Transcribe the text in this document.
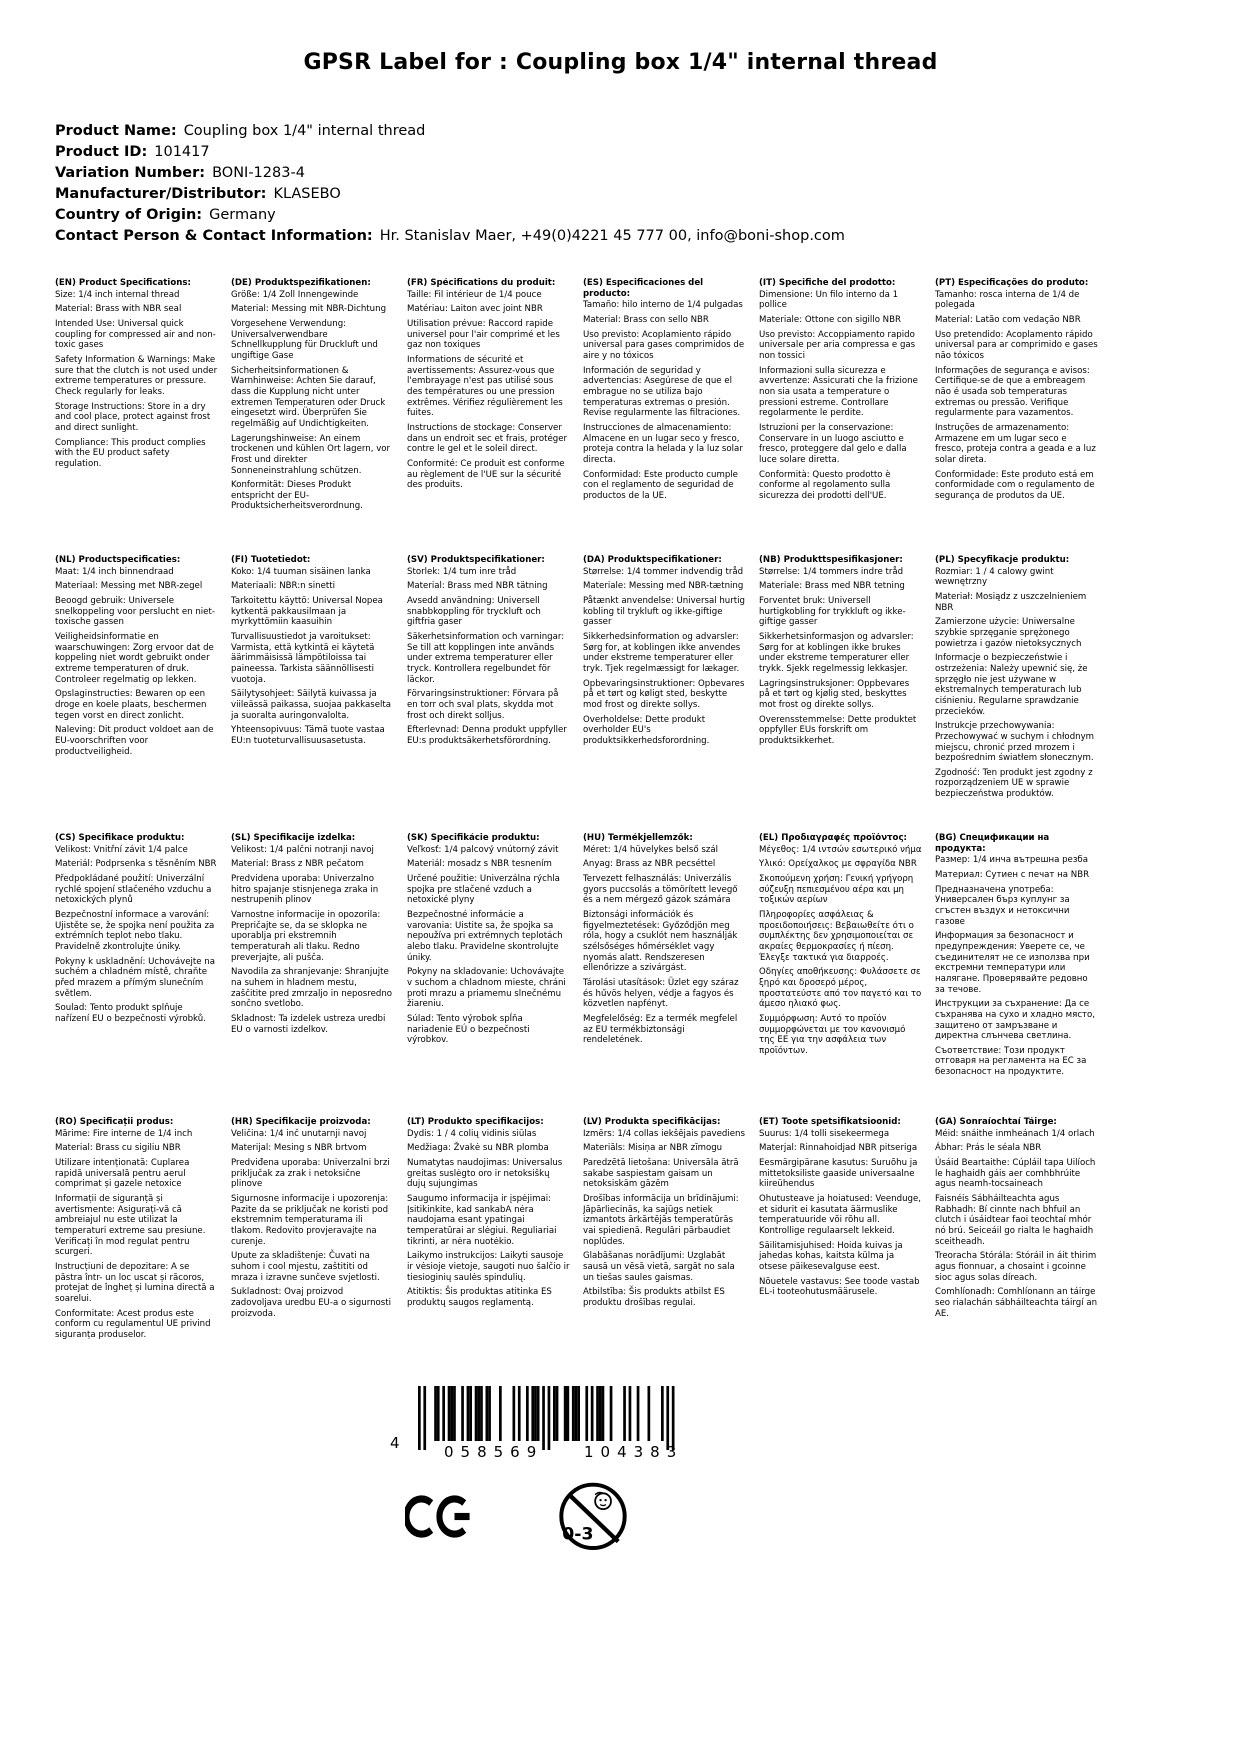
GPSR Label for : Coupling box 1/4" internal thread
Product Name: Coupling box 1/4" internal thread
Product ID: 101417
Variation Number: BONI-1283-4
Manufacturer/Distributor: KLASEBO
Country of Origin: Germany
Contact Person & Contact Information: Hr. Stanislav Maer, +49(0)4221 45 777 00, info@boni-shop.com
(EN) Product Specifications:

Size: 1/4 inch internal thread

Material: Brass with NBR seal

Intended Use: Universal quick coupling for compressed air and non-toxic gases

Safety Information & Warnings: Make sure that the clutch is not used under extreme temperatures or pressure. Check regularly for leaks.

Storage Instructions: Store in a dry and cool place, protect against frost and direct sunlight.

Compliance: This product complies with the EU product safety regulation.

(DE) Produktspezifikationen:

Größe: 1/4 Zoll Innengewinde

Material: Messing mit NBR-Dichtung

Vorgesehene Verwendung: Universalverwendbare Schnellkupplung für Druckluft und ungiftige Gase

Sicherheitsinformationen & Warnhinweise: Achten Sie darauf, dass die Kupplung nicht unter extremen Temperaturen oder Druck eingesetzt wird. Überprüfen Sie regelmäßig auf Undichtigkeiten.

Lagerungshinweise: An einem trockenen und kühlen Ort lagern, vor Frost und direkter Sonneneinstrahlung schützen.

Konformität: Dieses Produkt entspricht der EU-Produktsicherheitsverordnung.

(FR) Spécifications du produit:

Taille: Fil intérieur de 1/4 pouce

Matériau: Laiton avec joint NBR

Utilisation prévue: Raccord rapide universel pour l'air comprimé et les gaz non toxiques

Informations de sécurité et avertissements: Assurez-vous que l'embrayage n'est pas utilisé sous des températures ou une pression extrêmes. Vérifiez régulièrement les fuites.

Instructions de stockage: Conserver dans un endroit sec et frais, protéger contre le gel et le soleil direct.

Conformité: Ce produit est conforme au règlement de l'UE sur la sécurité des produits.

(ES) Especificaciones del producto:

Tamaño: hilo interno de 1/4 pulgadas

Material: Brass con sello NBR

Uso previsto: Acoplamiento rápido universal para gases comprimidos de aire y no tóxicos

Información de seguridad y advertencias: Asegúrese de que el embrague no se utiliza bajo temperaturas extremas o presión. Revise regularmente las filtraciones.

Instrucciones de almacenamiento: Almacene en un lugar seco y fresco, proteja contra la helada y la luz solar directa.

Conformidad: Este producto cumple con el reglamento de seguridad de productos de la UE.

(IT) Specifiche del prodotto:

Dimensione: Un filo interno da 1 pollice

Materiale: Ottone con sigillo NBR

Uso previsto: Accoppiamento rapido universale per aria compressa e gas non tossici

Informazioni sulla sicurezza e avvertenze: Assicurati che la frizione non sia usata a temperature o pressioni estreme. Controllare regolarmente le perdite.

Istruzioni per la conservazione: Conservare in un luogo asciutto e fresco, proteggere dal gelo e dalla luce solare diretta.

Conformità: Questo prodotto è conforme al regolamento sulla sicurezza dei prodotti dell'UE.

(PT) Especificações do produto:

Tamanho: rosca interna de 1/4 de polegada

Material: Latão com vedação NBR

Uso pretendido: Acoplamento rápido universal para ar comprimido e gases não tóxicos

Informações de segurança e avisos: Certifique-se de que a embreagem não é usada sob temperaturas extremas ou pressão. Verifique regularmente para vazamentos.

Instruções de armazenamento: Armazene em um lugar seco e fresco, proteja contra a geada e a luz solar direta.

Conformidade: Este produto está em conformidade com o regulamento de segurança de produtos da UE.

(NL) Productspecificaties:

Maat: 1/4 inch binnendraad

Materiaal: Messing met NBR-zegel

Beoogd gebruik: Universele snelkoppeling voor perslucht en niet-toxische gassen

Veiligheidsinformatie en waarschuwingen: Zorg ervoor dat de koppeling niet wordt gebruikt onder extreme temperaturen of druk. Controleer regelmatig op lekken.

Opslaginstructies: Bewaren op een droge en koele plaats, beschermen tegen vorst en direct zonlicht.

Naleving: Dit product voldoet aan de EU-voorschriften voor productveiligheid.

(FI) Tuotetiedot:

Koko: 1/4 tuuman sisäinen lanka

Materiaali: NBR:n sinetti

Tarkoitettu käyttö: Universal Nopea kytkentä pakkausilmaan ja myrkyttömiin kaasuihin

Turvallisuustiedot ja varoitukset: Varmista, että kytkintä ei käytetä äärimmäisissä lämpötiloissa tai paineessa. Tarkista säännöllisesti vuotoja.

Säilytysohjeet: Säilytä kuivassa ja viileässä paikassa, suojaa pakkaselta ja suoralta auringonvalolta.

Yhteensopivuus: Tämä tuote vastaa EU:n tuoteturvallisuusasetusta.

(SV) Produktspecifikationer:

Storlek: 1/4 tum inre tråd

Material: Brass med NBR tätning

Avsedd användning: Universell snabbkoppling för tryckluft och giftfria gaser

Säkerhetsinformation och varningar: Se till att kopplingen inte används under extrema temperaturer eller tryck. Kontrollera regelbundet för läckor.

Förvaringsinstruktioner: Förvara på en torr och sval plats, skydda mot frost och direkt solljus.

Efterlevnad: Denna produkt uppfyller EU:s produktsäkerhetsförordning.

(DA) Produktspecifikationer:

Størrelse: 1/4 tommer indvendig tråd

Materiale: Messing med NBR-tætning

Påtænkt anvendelse: Universal hurtig kobling til trykluft og ikke-giftige gasser

Sikkerhedsinformation og advarsler: Sørg for, at koblingen ikke anvendes under ekstreme temperaturer eller tryk. Tjek regelmæssigt for lækager.

Opbevaringsinstruktioner: Opbevares på et tørt og køligt sted, beskytte mod frost og direkte sollys.

Overholdelse: Dette produkt overholder EU's produktsikkerhedsforordning.

(NB) Produkttspesifikasjoner:

Størrelse: 1/4 tommers indre tråd

Materiale: Brass med NBR tetning

Forventet bruk: Universell hurtigkobling for trykkluft og ikke-giftige gasser

Sikkerhetsinformasjon og advarsler: Sørg for at koblingen ikke brukes under ekstreme temperaturer eller trykk. Sjekk regelmessig lekkasjer.

Lagringsinstruksjoner: Oppbevares på et tørt og kjølig sted, beskyttes mot frost og direkte sollys.

Overensstemmelse: Dette produktet oppfyller EUs forskrift om produktsikkerhet.

(PL) Specyfikacje produktu:

Rozmiar: 1 / 4 calowy gwint wewnętrzny

Materiał: Mosiądz z uszczelnieniem NBR

Zamierzone użycie: Uniwersalne szybkie sprzęganie sprężonego powietrza i gazów nietoksycznych

Informacje o bezpieczeństwie i ostrzeżenia: Należy upewnić się, że sprzęgło nie jest używane w ekstremalnych temperaturach lub ciśnieniu. Regularne sprawdzanie przecieków.

Instrukcje przechowywania: Przechowywać w suchym i chłodnym miejscu, chronić przed mrozem i bezpośrednim światłem słonecznym.

Zgodność: Ten produkt jest zgodny z rozporządzeniem UE w sprawie bezpieczeństwa produktów.

(CS) Specifikace produktu:

Velikost: Vnitřní závit 1/4 palce

Materiál: Podprsenka s těsněním NBR

Předpokládané použití: Univerzální rychlé spojení stlačeného vzduchu a netoxických plynů

Bezpečnostní informace a varování: Ujistěte se, že spojka není použita za extrémních teplot nebo tlaku. Pravidelně zkontrolujte úniky.

Pokyny k uskladnění: Uchovávejte na suchém a chladném místě, chraňte před mrazem a přímým slunečním světlem.

Soulad: Tento produkt splňuje nařízení EU o bezpečnosti výrobků.

(SL) Specifikacije izdelka:

Velikost: 1/4 palčni notranji navoj

Material: Brass z NBR pečatom

Predvidena uporaba: Univerzalno hitro spajanje stisnjenega zraka in nestrupenih plinov

Varnostne informacije in opozorila: Prepričajte se, da se sklopka ne uporablja pri ekstremnih temperaturah ali tlaku. Redno preverjajte, ali pušča.

Navodila za shranjevanje: Shranjujte na suhem in hladnem mestu, zaščitite pred zmrzaljo in neposredno sončno svetlobo.

Skladnost: Ta izdelek ustreza uredbi EU o varnosti izdelkov.

(SK) Špecifikácie produktu:

Veľkosť: 1/4 palcový vnútorný závit

Materiál: mosadz s NBR tesnením

Určené použitie: Univerzálna rýchla spojka pre stlačené vzduch a netoxické plyny

Bezpečnostné informácie a varovania: Uistite sa, že spojka sa nepoužíva pri extrémnych teplotách alebo tlaku. Pravidelne skontrolujte úniky.

Pokyny na skladovanie: Uchovávajte v suchom a chladnom mieste, chráni proti mrazu a priamemu slnečnému žiareniu.

Súlad: Tento výrobok spĺňa nariadenie EÚ o bezpečnosti výrobkov.

(HU) Termékjellemzők:

Méret: 1/4 hüvelykes belső szál

Anyag: Brass az NBR pecséttel

Tervezett felhasználás: Univerzális gyors puccsolás a tömörített levegő és a nem mérgező gázok számára

Biztonsági információk és figyelmeztetések: Győződjön meg róla, hogy a csuklót nem használják szélsőséges hőmérséklet vagy nyomás alatt. Rendszeresen ellenőrizze a szivárgást.

Tárolási utasítások: Üzlet egy száraz és hűvös helyen, védje a fagyos és közvetlen napfényt.

Megfelelőség: Ez a termék megfelel az EU termékbiztonsági rendeletének.

(EL) Προδιαγραφές προϊόντος:

Μέγεθος: 1/4 ιντσών εσωτερικό νήμα

Υλικό: Ορείχαλκος με σφραγίδα NBR

Σκοπούμενη χρήση: Γενική γρήγορη σύζευξη πεπιεσμένου αέρα και μη τοξικών αερίων

Πληροφορίες ασφάλειας & προειδοποιήσεις: Βεβαιωθείτε ότι ο συμπλέκτης δεν χρησιμοποιείται σε ακραίες θερμοκρασίες ή πίεση. Έλεγξε τακτικά για διαρροές.

Οδηγίες αποθήκευσης: Φυλάσσετε σε ξηρό και δροσερό μέρος, προστατεύστε από τον παγετό και το άμεσο ηλιακό φως.

Συμμόρφωση: Αυτό το προϊόν συμμορφώνεται με τον κανονισμό της ΕΕ για την ασφάλεια των προϊόντων.

(BG) Спецификации на продукта:

Размер: 1/4 инча вътрешна резба

Материал: Сутиен с печат на NBR

Предназначена употреба: Универсален бърз куплунг за сгъстен въздух и нетоксични газове

Информация за безопасност и предупреждения: Уверете се, че съединителят не се използва при екстремни температури или налягане. Проверявайте редовно за течове.

Инструкции за съхранение: Да се съхранява на сухо и хладно място, защитено от замръзване и директна слънчева светлина.

Съответствие: Този продукт отговаря на регламента на ЕС за безопасност на продуктите.

(RO) Specificații produs:

Mărime: Fire interne de 1/4 inch

Material: Brass cu sigiliu NBR

Utilizare intenționată: Cuplarea rapidă universală pentru aerul comprimat și gazele netoxice

Informații de siguranță și avertismente: Asigurați-vă că ambreiajul nu este utilizat la temperaturi extreme sau presiune. Verificați în mod regulat pentru scurgeri.

Instrucțiuni de depozitare: A se păstra într- un loc uscat și răcoros, protejat de îngheț și lumina directă a soarelui.

Conformitate: Acest produs este conform cu regulamentul UE privind siguranța produselor.

(HR) Specifikacije proizvoda:

Veličina: 1/4 inč unutarnji navoj

Materijal: Mesing s NBR brtvom

Predviđena uporaba: Univerzalni brzi priključak za zrak i netoksične plinove

Sigurnosne informacije i upozorenja: Pazite da se priključak ne koristi pod ekstremnim temperaturama ili tlakom. Redovito provjeravajte na curenje.

Upute za skladištenje: Čuvati na suhom i cool mjestu, zaštititi od mraza i izravne sunčeve svjetlosti.

Sukladnost: Ovaj proizvod zadovoljava uredbu EU-a o sigurnosti proizvoda.

(LT) Produkto specifikacijos:

Dydis: 1 / 4 colių vidinis siūlas

Medžiaga: Žvakė su NBR plomba

Numatytas naudojimas: Universalus greitas suslėgto oro ir netoksiškų dujų sujungimas

Saugumo informacija ir įspėjimai: Įsitikinkite, kad sankabA nėra naudojama esant ypatingai temperatūrai ar slėgiui. Reguliariai tikrinti, ar nėra nuotėkio.

Laikymo instrukcijos: Laikyti sausoje ir vėsioje vietoje, saugoti nuo šalčio ir tiesioginių saulės spindulių.

Atitiktis: Šis produktas atitinka ES produktų saugos reglamentą.

(LV) Produkta specifikācijas:

Izmērs: 1/4 collas iekšējais pavediens

Materiāls: Misiņa ar NBR zīmogu

Paredzētā lietošana: Universāla ātrā sakabe saspiestam gaisam un netoksiskām gāzēm

Drošības informācija un brīdinājumi: Jāpārliecinās, ka sajūgs netiek izmantots ārkārtējās temperatūrās vai spiedienā. Regulāri pārbaudiet noplūdes.

Glabāšanas norādījumi: Uzglabāt sausā un vēsā vietā, sargāt no sala un tiešas saules gaismas.

Atbilstība: Šis produkts atbilst ES produktu drošības regulai.

(ET) Toote spetsifikatsioonid:

Suurus: 1/4 tolli sisekeermega

Materjal: Rinnahoidjad NBR pitseriga

Eesmärgipärane kasutus: Suruõhu ja mittetoksiliste gaaside universaalne kiireühendus

Ohutusteave ja hoiatused: Veenduge, et sidurit ei kasutata äärmuslike temperatuuride või rõhu all. Kontrollige regulaarselt lekkeid.

Säilitamisjuhised: Hoida kuivas ja jahedas kohas, kaitsta külma ja otsese päikesevalguse eest.

Nõuetele vastavus: See toode vastab EL-i tooteohutusmäärusele.

(GA) Sonraíochtaí Táirge:

Méid: snáithe inmheánach 1/4 orlach

Ábhar: Prás le séala NBR

Úsáid Beartaithe: Cúpláil tapa Uilíoch le haghaidh gáis aer comhbhrúite agus neamh-tocsaineach

Faisnéis Sábháilteachta agus Rabhadh: Bí cinnte nach bhfuil an clutch i úsáidtear faoi teochtaí mhór nó brú. Seiceáil go rialta le haghaidh sceitheadh.

Treoracha Stórála: Stóráil in áit thirim agus fionnuar, a chosaint i gcoinne sioc agus solas díreach.

Comhlíonadh: Comhlíonann an táirge seo rialachán sábháilteachta táirgí an AE.

4	058569	104383
0-3
